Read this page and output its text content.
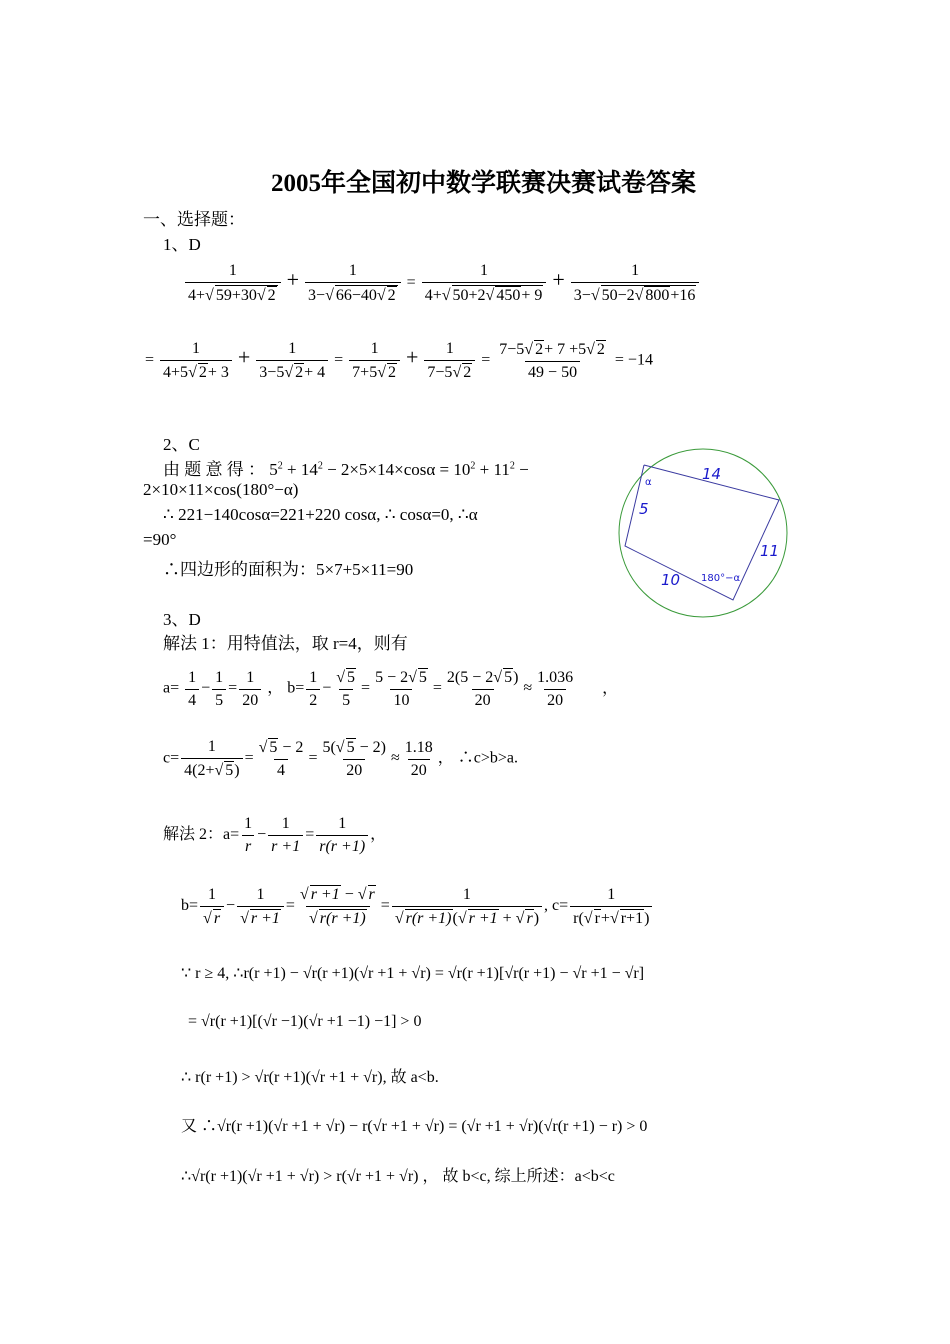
2005年全国初中数学联赛决赛试卷答案
一、选择题：
1、D
$\frac{1}{4+ √ 59+30 √ 2} + \frac{1}{3- √ 66-40 √ 2} = \frac{1}{4+ √ 50+2 √ 450+ 9} + \frac{1}{3- √ 50-2 √ 800+16}$
= $\frac{1}{4+5 √ 2+ 3} + \frac{1}{3-5 √ 2+ 4} = \frac{1}{7+5 √ 2} + \frac{1}{7-5 √ 2} = \frac{7-5 √ 2+ 7 +5 √ 2}{49 - 50} = -14$
2、C
由 题 意 得 ： $5^2 + 14^2 - 2\times 5\times 14\times\cos\alpha = 10^2 + 11^2$ −
2×10×11×cos(180°−α)
∴ 221−140cosα=221+220 cosα, ∴ cosα=0, ∴α
=90°
∴四边形的面积为：5×7+5×11=90
14
α
5
11
10 180°−α
3、D
解法 1：用特值法，取 r=4，则有
$a= \frac{1}{4} - \frac{1}{5} = \frac{1}{20}$ ， $b= \frac{1}{2}$ − √ $\frac{5}{5} = \frac{5 - 2 √ 5}{10} = \frac{2(5 - 2 √ 5)}{20} \approx \frac{1.036}{20}$ ，
$c= \frac{1}{4(2+ √ 5)}$ = √ $\frac{5 - 2}{4} = \frac{5( √ 5 - 2)}{20} \approx \frac{1.18}{20}$ ， ∴c>b>a.
解法 2：$a= \frac{1}{r} - \frac{1}{r +1} = \frac{1}{r(r +1)}$ ，
b= 1
√ r − 1
√ r +1 = √ r +1 − √ r
√ r(r +1) = 1
√ r(r +1)( √ r +1 + √ r) , $c= \frac{1}{r( √ r+ √ r+1)}$
∵ r ≥ 4, ∴r(r +1) − √r(r +1)(√r +1 + √r) = √r(r +1)[√r(r +1) − √r +1 − √r]
= √r(r +1)[(√r −1)(√r +1 −1) −1] > 0
∴ r(r +1) > √r(r +1)(√r +1 + √r), 故 a<b.
又 ∴√r(r +1)(√r +1 + √r) − r(√r +1 + √r) = (√r +1 + √r)(√r(r +1) − r) > 0
∴√r(r +1)(√r +1 + √r) > r(√r +1 + √r) ， 故 b<c, 综上所述：a<b<c
